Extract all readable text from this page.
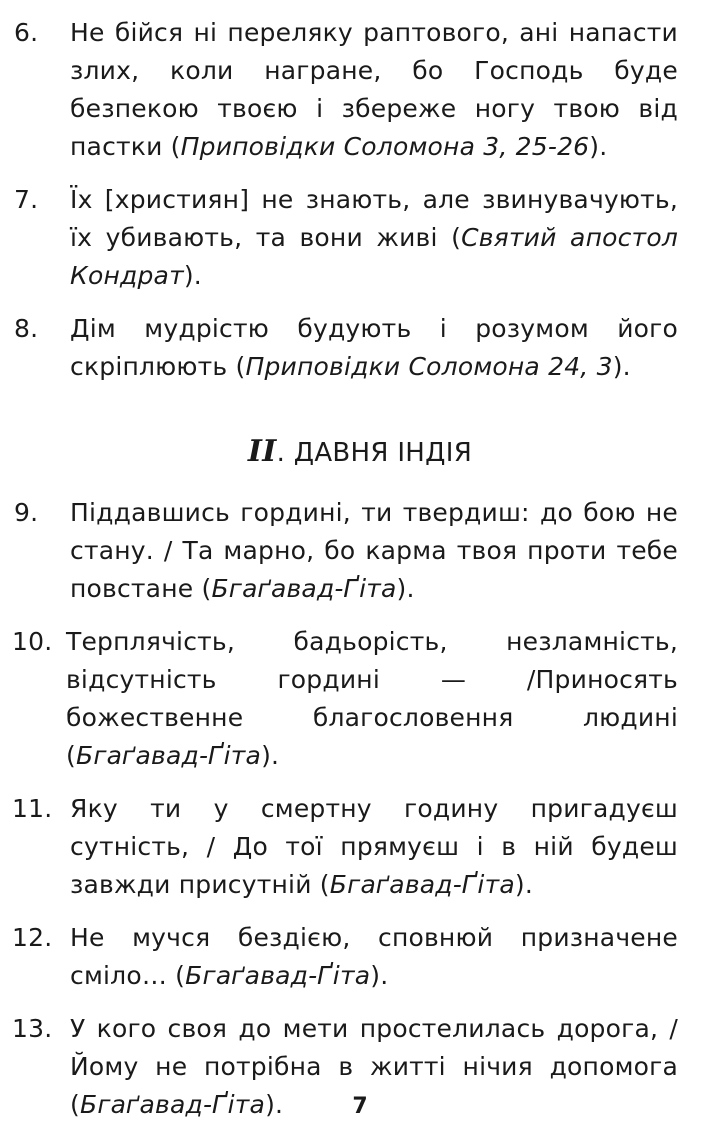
6. Не бійся ні переляку раптового, ані напасти злих, коли награне, бо Господь буде безпекою твоєю і збереже ногу твою від пастки (Приповідки Соломона 3, 25-26).
7. Їх [християн] не знають, але звинувачують, їх убивають, та вони живі (Святий апостол Кондрат).
8. Дім мудрістю будують і розумом його скріплюють (Приповідки Соломона 24, 3).
ІІ. ДАВНЯ ІНДІЯ
9. Піддавшись гордині, ти твердиш: до бою не стану. / Та марно, бо карма твоя проти тебе повстане (Бгаґавад-Ґіта).
10. Терплячість, бадьорість, незламність, відсутність гордині — /Приносять божественне благословення людині (Бгаґавад-Ґіта).
11. Яку ти у смертну годину пригадуєш сутність, / До тої прямуєш і в ній будеш завжди присутній (Бгаґавад-Ґіта).
12. Не мучся бездією, сповнюй призначене сміло… (Бгаґавад-Ґіта).
13. У кого своя до мети простелилась дорога, / Йому не потрібна в житті нічия допомога (Бгаґавад-Ґіта).	7
